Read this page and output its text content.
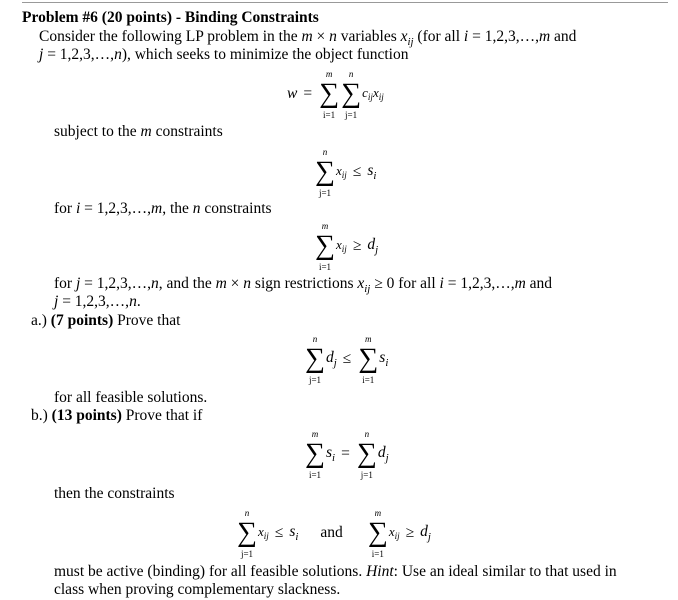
Problem #6 (20 points) - Binding Constraints
Consider the following LP problem in the m × n variables $x_{ij}$ (for all i = 1,2,3,…,m and
j = 1,2,3,…,n), which seeks to minimize the object function
w =
m
∑
i=1
n
∑
j=1
$c_{ij}x_{ij}$
subject to the m constraints
n
∑
j=1
$x_{ij} \le s_i$
for i = 1,2,3,…,m, the n constraints
m
∑
i=1
$x_{ij} \ge d_j$
for j = 1,2,3,…,n, and the m × n sign restrictions $x_{ij} \ge 0$ for all i = 1,2,3,…,m and
j = 1,2,3,…,n.
a.) (7 points) Prove that
n
∑
j=1
$d_j$ ≤
m
∑
i=1
$s_i$
for all feasible solutions.
b.) (13 points) Prove that if
m
∑
i=1
$s_i$ =
n
∑
j=1
$d_j$
then the constraints
n
∑
j=1
$x_{ij} \le s_i$ and
m
∑
i=1
$x_{ij} \ge d_j$
must be active (binding) for all feasible solutions. Hint: Use an ideal similar to that used in
class when proving complementary slackness.
